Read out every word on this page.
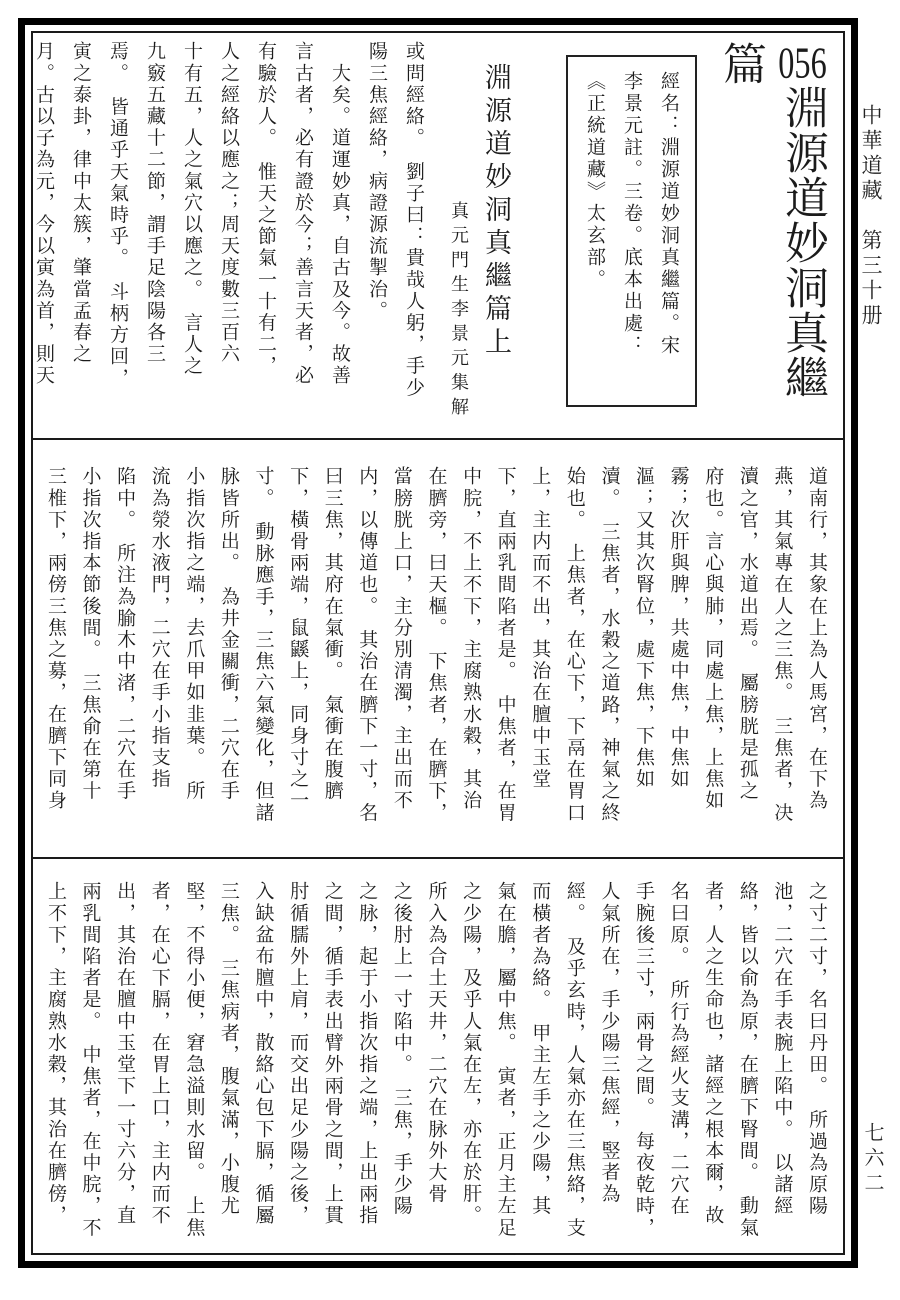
056淵源道妙洞真繼篇
經名：淵源道妙洞真繼篇。宋
李景元註。三卷。底本出處：
《正統道藏》太玄部。
淵源道妙洞真繼篇上
真元門生李景元集解
或問經絡。　劉子曰：貴哉人躬，手少
陽三焦經絡，病證源流掣治。
　大矣。道運妙真，自古及今。故善
言古者，必有證於今；善言天者，必
有驗於人。　惟天之節氣一十有二，
人之經絡以應之；周天度數三百六
十有五，人之氣穴以應之。　言人之
九竅五藏十二節，謂手足陰陽各三
焉。　皆通乎天氣時乎。　斗柄方回，
寅之泰卦，律中太簇，肇當孟春之
月。古以子為元，今以寅為首，則天
道南行，其象在上為人馬宮，在下為
燕，其氣專在人之三焦。　三焦者，决
瀆之官，水道出焉。　屬膀胱是孤之
府也。言心與肺，同處上焦，上焦如
霧；次肝與脾，共處中焦，中焦如
漚；又其次腎位，處下焦，下焦如
瀆。　三焦者，水穀之道路，神氣之終
始也。　上焦者，在心下，下鬲在胃口
上，主内而不出，其治在膻中玉堂
下，直兩乳間陷者是。　中焦者，在胃
中脘，不上不下，主腐熟水穀，其治
在臍旁，曰天樞。　下焦者，在臍下，
當膀胱上口，主分別清濁，主出而不
内，以傳道也。　其治在臍下一寸，名
曰三焦，其府在氣衝。　氣衝在腹臍
下，橫骨兩端，鼠鼷上，同身寸之一
寸。　動脉應手，三焦六氣變化，但諸
脉皆所出。　為井金關衝，二穴在手
小指次指之端，去爪甲如韭葉。　所
流為滎水液門，二穴在手小指支指
陷中。　所注為腧木中渚，二穴在手
小指次指本節後間。　三焦俞在第十
三椎下，兩傍三焦之募，在臍下同身
之寸二寸，名曰丹田。　所過為原陽
池，二穴在手表腕上陷中。　以諸經
絡，皆以俞為原，在臍下腎間。　動氣
者，人之生命也，諸經之根本爾，故
名曰原。　所行為經火支溝，二穴在
手腕後三寸，兩骨之間。　每夜乾時，
人氣所在，手少陽三焦經，竪者為
經。　及乎玄時，人氣亦在三焦絡，支
而橫者為絡。　甲主左手之少陽，其
氣在膽，屬中焦。　寅者，正月主左足
之少陽，及乎人氣在左，亦在於肝。
所入為合土天井，二穴在脉外大骨
之後肘上一寸陷中。　三焦，手少陽
之脉，起于小指次指之端，上出兩指
之間，循手表出臂外兩骨之間，上貫
肘循臑外上肩，而交出足少陽之後，
入缺盆布膻中，散絡心包下膈，循屬
三焦。　三焦病者，腹氣滿，小腹尤
堅，不得小便，窘急溢則水留。　上焦
者，在心下膈，在胃上口，主内而不
出，其治在膻中玉堂下一寸六分，直
兩乳間陷者是。　中焦者，在中脘，不
上不下，主腐熟水穀，其治在臍傍，
中華道藏　第三十册
七六二
